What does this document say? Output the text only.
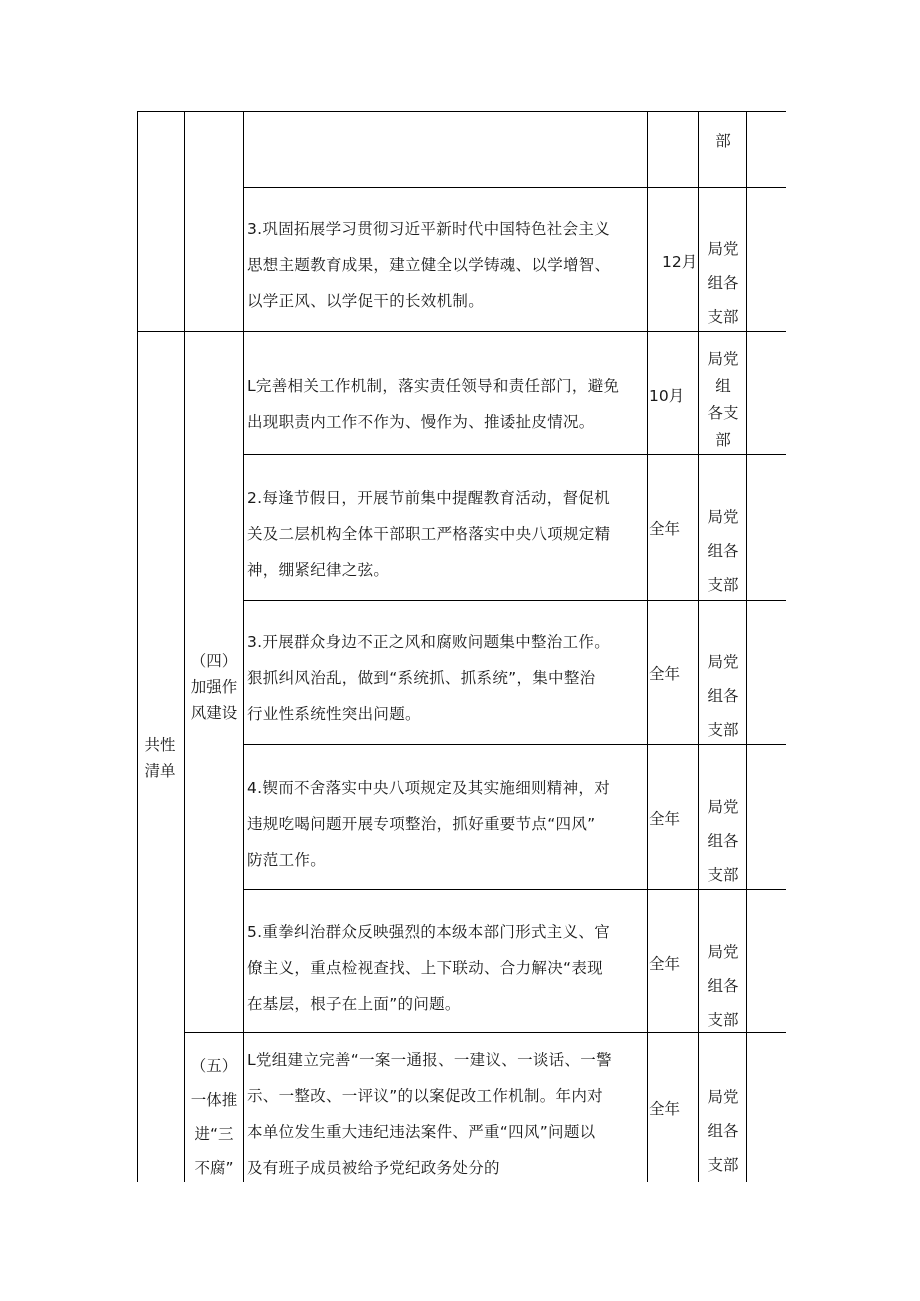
共性

清单

（四）

加强作

风建设

（五）

一体推

进“三

不腐”

部

3.巩固拓展学习贯彻习近平新时代中国特色社会主义

思想主题教育成果，建立健全以学铸魂、以学增智、

以学正风、以学促干的长效机制。

12月

局党

组各

支部

L完善相关工作机制，落实责任领导和责任部门，避免

出现职责内工作不作为、慢作为、推诿扯皮情况。

10月

局党

组

各支

部

2.每逢节假日，开展节前集中提醒教育活动，督促机

关及二层机构全体干部职工严格落实中央八项规定精

神，绷紧纪律之弦。

全年

局党

组各

支部

3.开展群众身边不正之风和腐败问题集中整治工作。

狠抓纠风治乱，做到“系统抓、抓系统”，集中整治

行业性系统性突出问题。

全年

局党

组各

支部

4.锲而不舍落实中央八项规定及其实施细则精神，对

违规吃喝问题开展专项整治，抓好重要节点“四风”

防范工作。

全年

局党

组各

支部

5.重拳纠治群众反映强烈的本级本部门形式主义、官

僚主义，重点检视查找、上下联动、合力解决“表现

在基层，根子在上面”的问题。

全年

局党

组各

支部

L党组建立完善“一案一通报、一建议、一谈话、一警

示、一整改、一评议”的以案促改工作机制。年内对

本单位发生重大违纪违法案件、严重“四风”问题以

及有班子成员被给予党纪政务处分的

全年

局党

组各

支部
